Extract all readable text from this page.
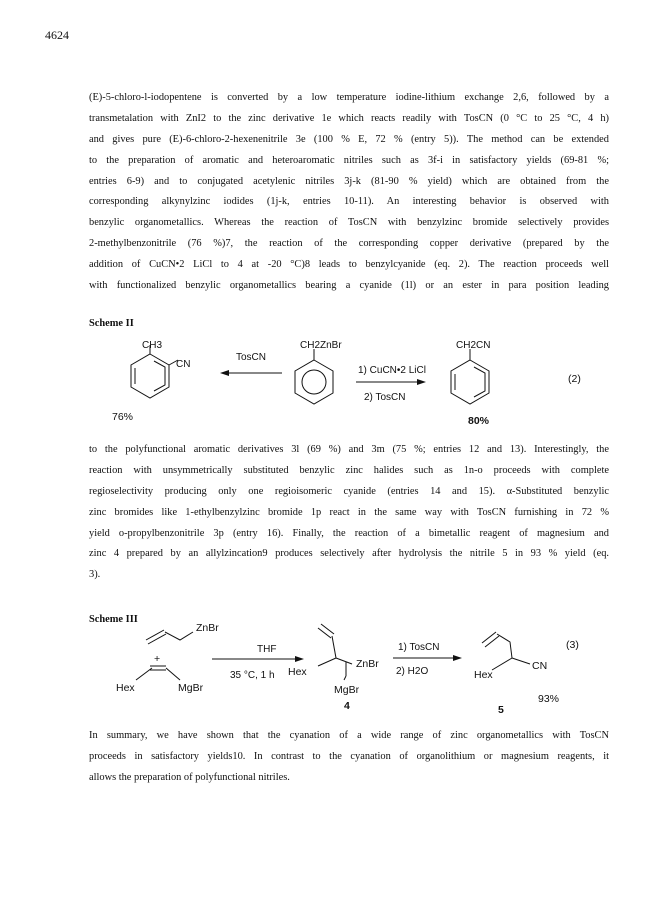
4624
(E)-5-chloro-l-iodopentene is converted by a low temperature iodine-lithium exchange 2,6, followed by a
transmetalation with ZnI2 to the zinc derivative 1e which reacts readily with TosCN (0 °C to 25 °C, 4 h)
and gives pure (E)-6-chloro-2-hexenenitrile 3e (100 % E, 72 % (entry 5)). The method can be extended
to the preparation of aromatic and heteroaromatic nitriles such as 3f-i in satisfactory yields (69-81 %;
entries 6-9) and to conjugated acetylenic nitriles 3j-k (81-90 % yield) which are obtained from the
corresponding alkynylzinc iodides (1j-k, entries 10-11). An interesting behavior is observed with
benzylic organometallics. Whereas the reaction of TosCN with benzylzinc bromide selectively provides
2-methylbenzonitrile (76 %)7, the reaction of the corresponding copper derivative (prepared by the
addition of CuCN•2 LiCl to 4 at -20 °C)8 leads to benzylcyanide (eq. 2). The reaction proceeds well
with functionalized benzylic organometallics bearing a cyanide (1l) or an ester in para position leading
Scheme II
CH3
CN
TosCN
76%
CH2ZnBr
1) CuCN•2 LiCl
2) TosCN
CH2CN
80%
(2)
to the polyfunctional aromatic derivatives 3l (69 %) and 3m (75 %; entries 12 and 13). Interestingly, the
reaction with unsymmetrically substituted benzylic zinc halides such as 1n-o proceeds with complete
regioselectivity producing only one regioisomeric cyanide (entries 14 and 15). α-Substituted benzylic
zinc bromides like 1-ethylbenzylzinc bromide 1p react in the same way with TosCN furnishing in 72 %
yield o-propylbenzonitrile 3p (entry 16). Finally, the reaction of a bimetallic reagent of magnesium and
zinc 4 prepared by an allylzincation9 produces selectively after hydrolysis the nitrile 5 in 93 % yield (eq.
3).
Scheme III
ZnBr
+
Hex	MgBr
THF
35 °C, 1 h Hex
ZnBr
MgBr
4
1) TosCN
2) H2O	Hex
CN
5
93%
(3)
In summary, we have shown that the cyanation of a wide range of zinc organometallics with TosCN
proceeds in satisfactory yields10. In contrast to the cyanation of organolithium or magnesium reagents, it
allows the preparation of polyfunctional nitriles.
